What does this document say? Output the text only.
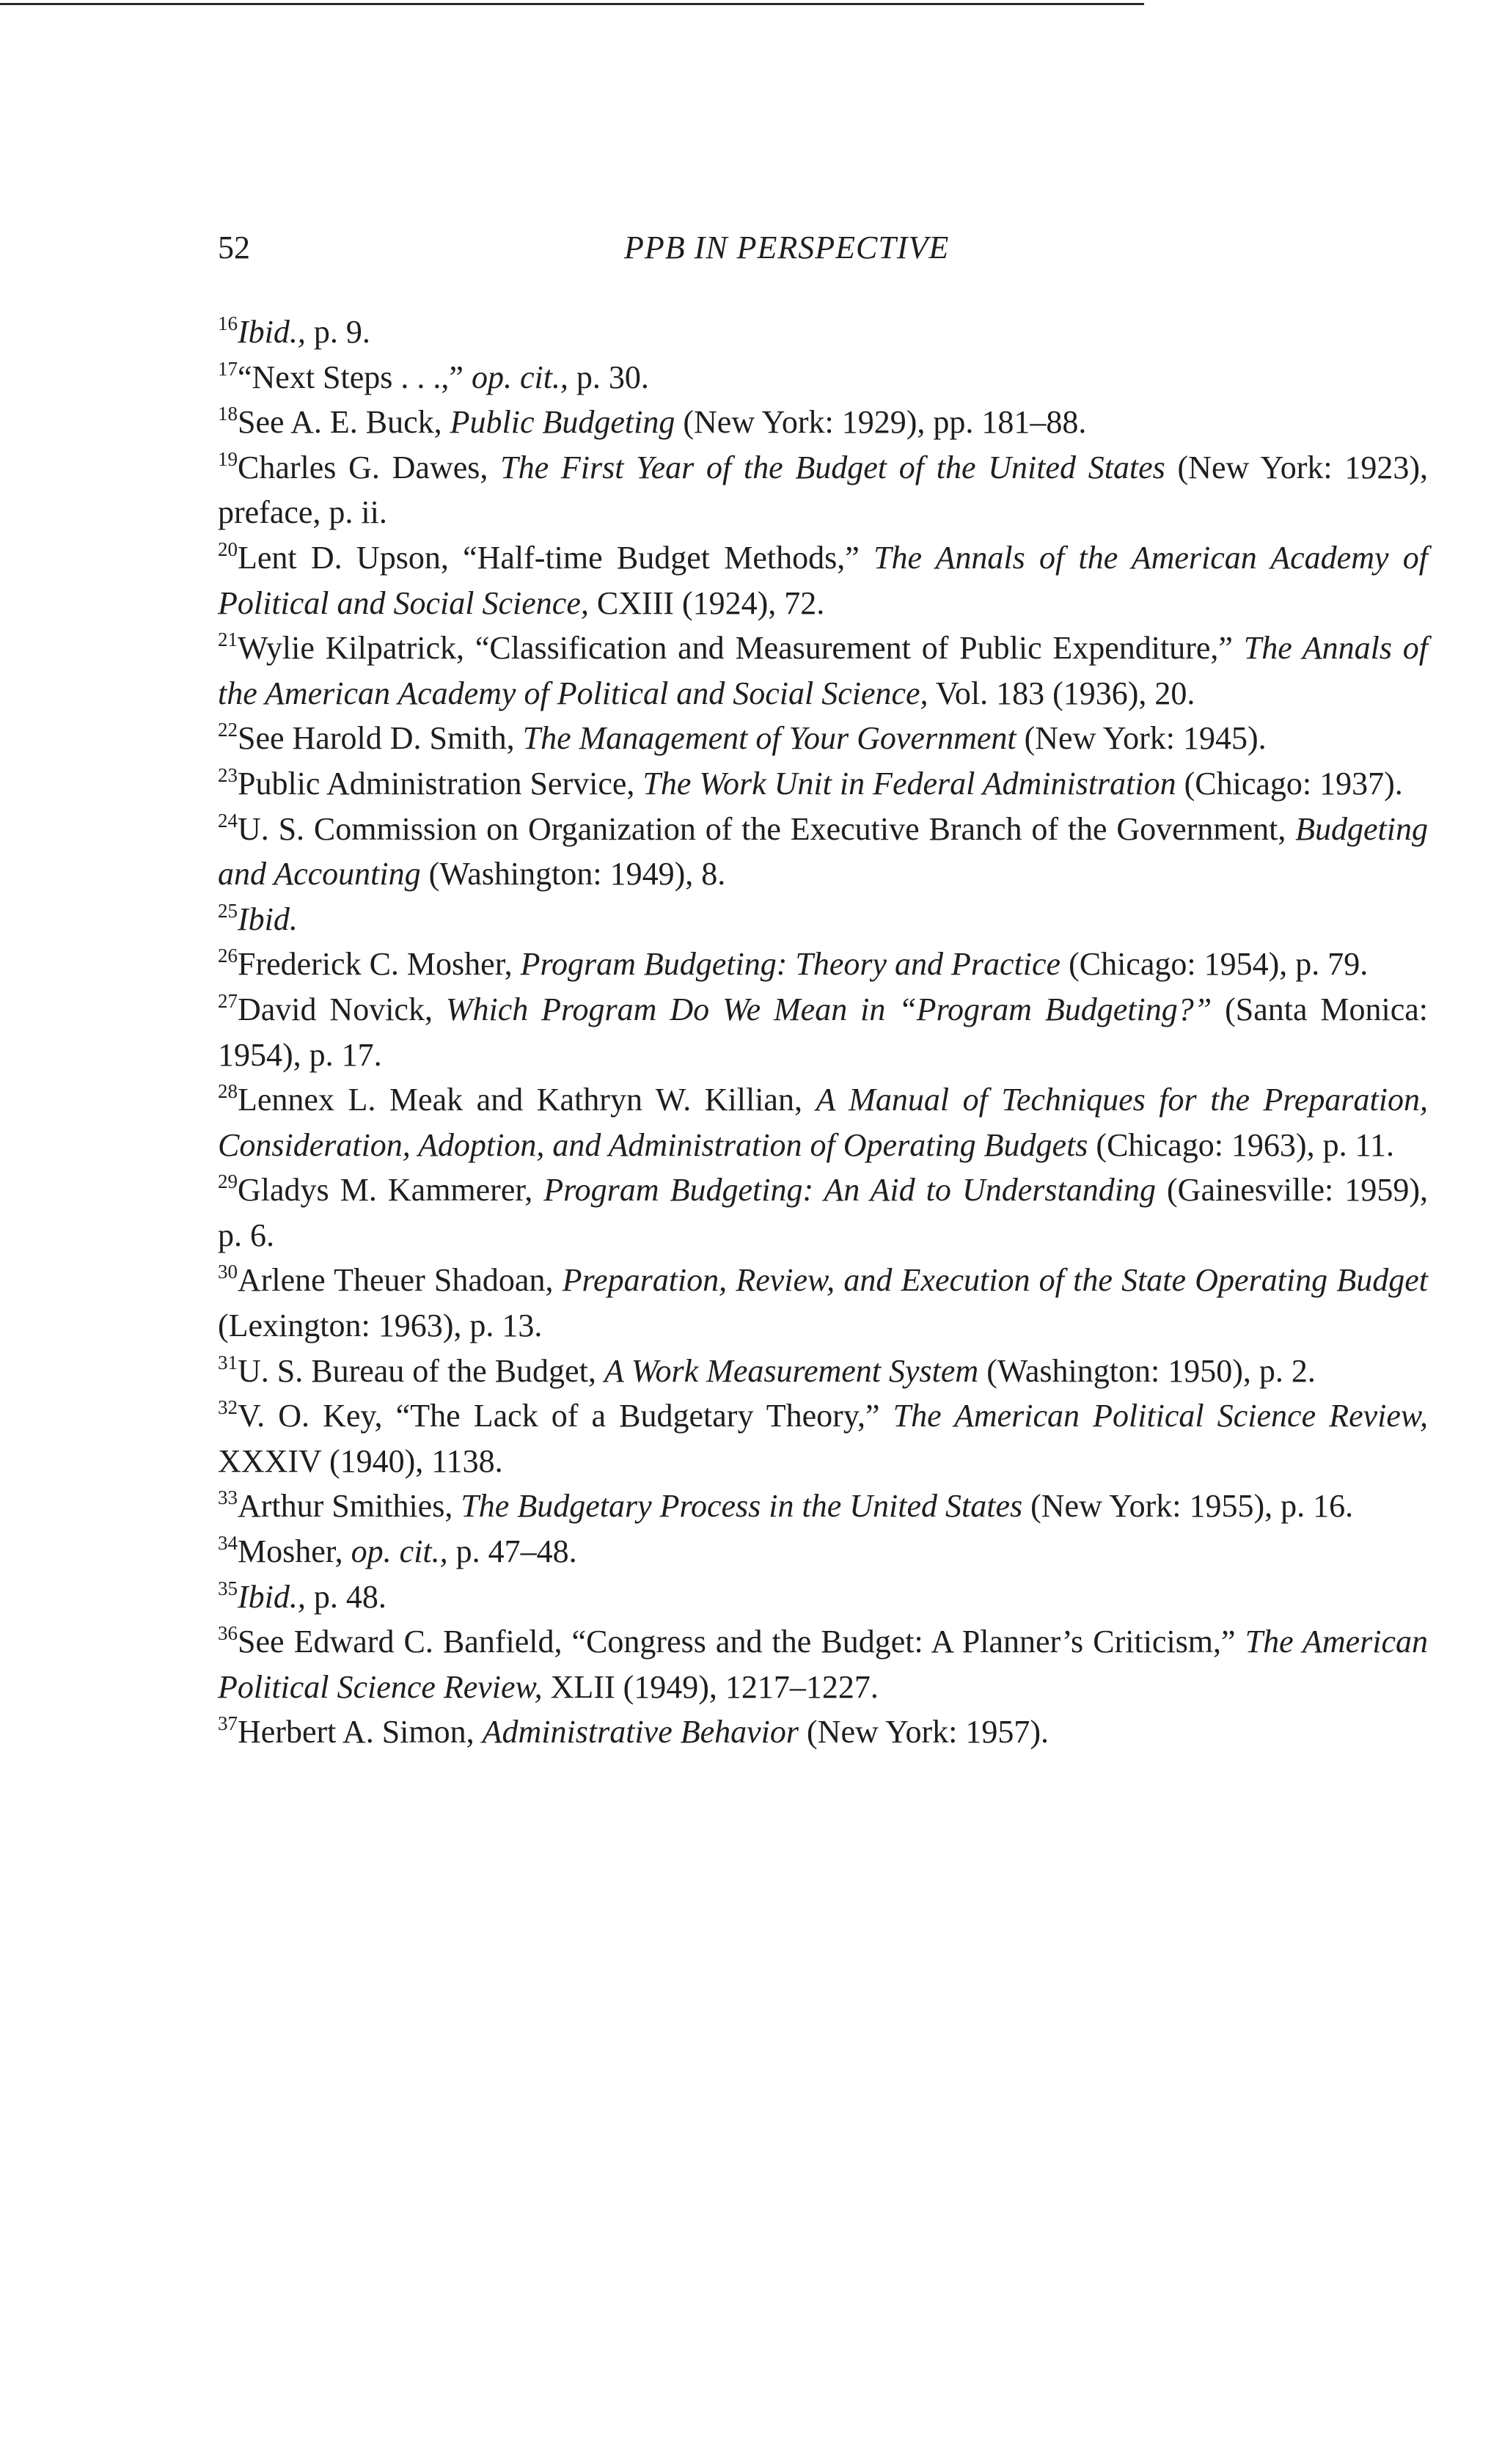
52	PPB IN PERSPECTIVE

$^{16}$Ibid., p. 9.

$^{17}$“Next Steps . . .,” op. cit., p. 30.

$^{18}$See A. E. Buck, Public Budgeting (New York: 1929), pp. 181–88.

$^{19}$Charles G. Dawes, The First Year of the Budget of the United States (New York: 1923), preface, p. ii.

$^{20}$Lent D. Upson, “Half-time Budget Methods,” The Annals of the American Academy of Political and Social Science, CXIII (1924), 72.

$^{21}$Wylie Kilpatrick, “Classification and Measurement of Public Expenditure,” The Annals of the American Academy of Political and Social Science, Vol. 183 (1936), 20.

$^{22}$See Harold D. Smith, The Management of Your Government (New York: 1945).

$^{23}$Public Administration Service, The Work Unit in Federal Administration (Chicago: 1937).

$^{24}$U. S. Commission on Organization of the Executive Branch of the Government, Budgeting and Accounting (Washington: 1949), 8.

$^{25}$Ibid.

$^{26}$Frederick C. Mosher, Program Budgeting: Theory and Practice (Chicago: 1954), p. 79.

$^{27}$David Novick, Which Program Do We Mean in “Program Budgeting?” (Santa Monica: 1954), p. 17.

$^{28}$Lennex L. Meak and Kathryn W. Killian, A Manual of Techniques for the Preparation, Consideration, Adoption, and Administration of Operating Budgets (Chicago: 1963), p. 11.

$^{29}$Gladys M. Kammerer, Program Budgeting: An Aid to Understanding (Gainesville: 1959), p. 6.

$^{30}$Arlene Theuer Shadoan, Preparation, Review, and Execution of the State Operating Budget (Lexington: 1963), p. 13.

$^{31}$U. S. Bureau of the Budget, A Work Measurement System (Washington: 1950), p. 2.

$^{32}$V. O. Key, “The Lack of a Budgetary Theory,” The American Political Science Review, XXXIV (1940), 1138.

$^{33}$Arthur Smithies, The Budgetary Process in the United States (New York: 1955), p. 16.

$^{34}$Mosher, op. cit., p. 47–48.

$^{35}$Ibid., p. 48.

$^{36}$See Edward C. Banfield, “Congress and the Budget: A Planner’s Criticism,” The American Political Science Review, XLII (1949), 1217–1227.

$^{37}$Herbert A. Simon, Administrative Behavior (New York: 1957).
